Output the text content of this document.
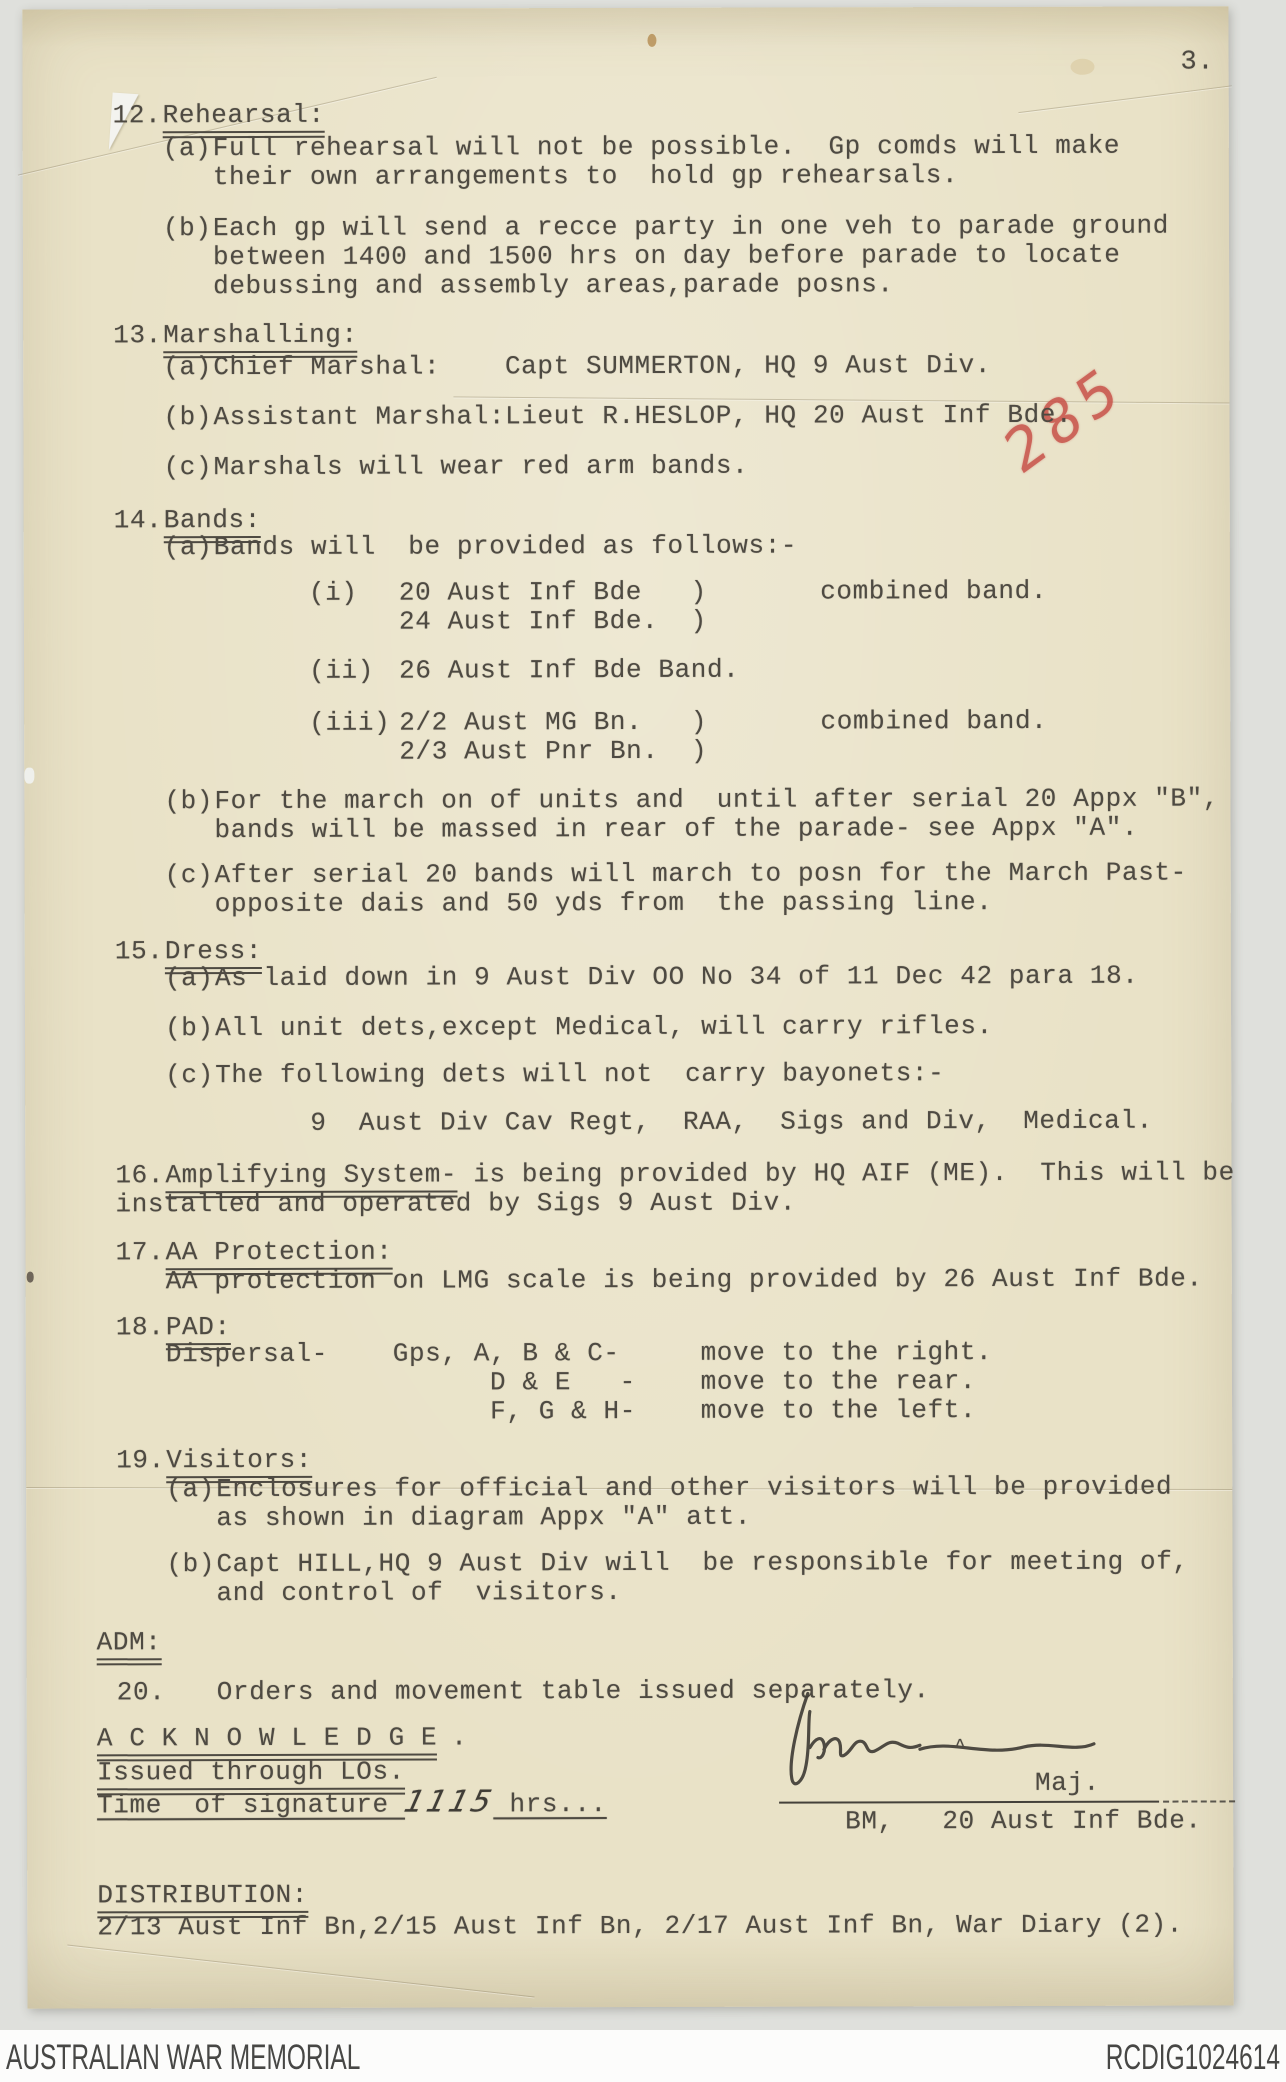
3.
285
12.Rehearsal:
(a)Full rehearsal will not be possible.  Gp comds will make
their own arrangements to  hold gp rehearsals.
(b)Each gp will send a recce party in one veh to parade ground
between 1400 and 1500 hrs on day before parade to locate
debussing and assembly areas,parade posns.
13.Marshalling:
(a)Chief Marshal:    Capt SUMMERTON, HQ 9 Aust Div.
(b)Assistant Marshal:Lieut R.HESLOP, HQ 20 Aust Inf Bde.
(c)Marshals will wear red arm bands.
14.Bands:
(a)Bands will  be provided as follows:-
(i) 20 Aust Inf Bde   )       combined band.
24 Aust Inf Bde.  )
(ii) 26 Aust Inf Bde Band.
(iii) 2/2 Aust MG Bn.   )       combined band.
2/3 Aust Pnr Bn.  )
(b)For the march on of units and  until after serial 20 Appx "B",
bands will be massed in rear of the parade- see Appx "A".
(c)After serial 20 bands will march to posn for the March Past-
opposite dais and 50 yds from  the passing line.
15.Dress:
(a)As laid down in 9 Aust Div OO No 34 of 11 Dec 42 para 18.
(b)All unit dets,except Medical, will carry rifles.
(c)The following dets will not  carry bayonets:-
9  Aust Div Cav Regt,  RAA,  Sigs and Div,  Medical.
16.Amplifying System- is being provided by HQ AIF (ME).  This will be
installed and operated by Sigs 9 Aust Div.
17.AA Protection:
AA protection on LMG scale is being provided by 26 Aust Inf Bde.
18.PAD:
Dispersal-    Gps, A, B & C-     move to the right.
D & E   -    move to the rear.
F, G & H-    move to the left.
19.Visitors:
(a)Enclosures for official and other visitors will be provided
as shown in diagram Appx "A" att.
(b)Capt HILL,HQ 9 Aust Div will  be responsible for meeting of,
and control of  visitors.
ADM:
20. Orders and movement table issued separately.
A C K N O W L E D G E .
Issued through LOs.
Time  of signature 1115 hrs...
^
Maj.
BM,   20 Aust Inf Bde.
DISTRIBUTION:
2/13 Aust Inf Bn,2/15 Aust Inf Bn, 2/17 Aust Inf Bn, War Diary (2).
AUSTRALIAN WAR MEMORIAL	RCDIG1024614
